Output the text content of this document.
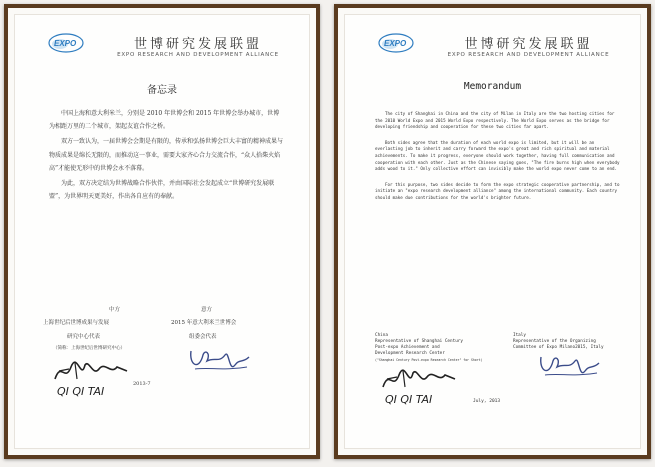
EXPO	世博研究发展联盟
EXPO RESEARCH AND DEVELOPMENT ALLIANCE
备忘录

中国上海和意大利米兰，分别是 2010 年世博会和 2015 年世博会举办城市，世博为相距万里的二个城市，架起友谊合作之桥。

双方一致认为，一届世博会会期是有限的，传承和弘扬世博会巨大丰富的精神成果与物质成果是绵长无限的，而推动这一事业，需要大家齐心合力交流合作，“众人拾柴火焰高”才能使无形中的世博会永不落幕。

为此，双方决定结为世博战略合作伙伴，并由国际社会发起成立“世博研究发展联盟”，为世界明天更美好，作出各自应有的奉献。

中方	意方
上海世纪后世博成果与发展	2015 年意大利米兰世博会
研究中心代表	组委会代表
（简称：上海世纪后世博研究中心）
2013-7
QI QI TAI
EXPO	世博研究发展联盟
EXPO RESEARCH AND DEVELOPMENT ALLIANCE
Memorandum

The city of Shanghai in China and the city of Milan in Italy are the two hosting cities for the 2010 World Expo and 2015 World Expo respectively. The World Expo serves as the bridge for developing friendship and cooperation for these two cities far apart.

Both sides agree that the duration of each world expo is limited, but it will be an everlasting job to inherit and carry forward the expo's great and rich spiritual and material achievements. To make it progress, everyone should work together, having full communication and cooperation with each other. Just as the Chinese saying goes, "The fire burns high when everybody adds wood to it." Only collective effort can invisibly make the world expo never come to an end.

For this purpose, two sides decide to form the expo strategic cooperative partnership, and to initiate an "expo research development alliance" among the international community. Each country should make due contributions for the world's brighter future.

China
Representative of Shanghai Century
Post-expo Achievement and
Development Research Center
("Shanghai Century Post-expo Research Center" for Short)
Italy
Representative of the Organizing
Committee of Expo Milano2015, Italy
QI QI TAI	July, 2013
